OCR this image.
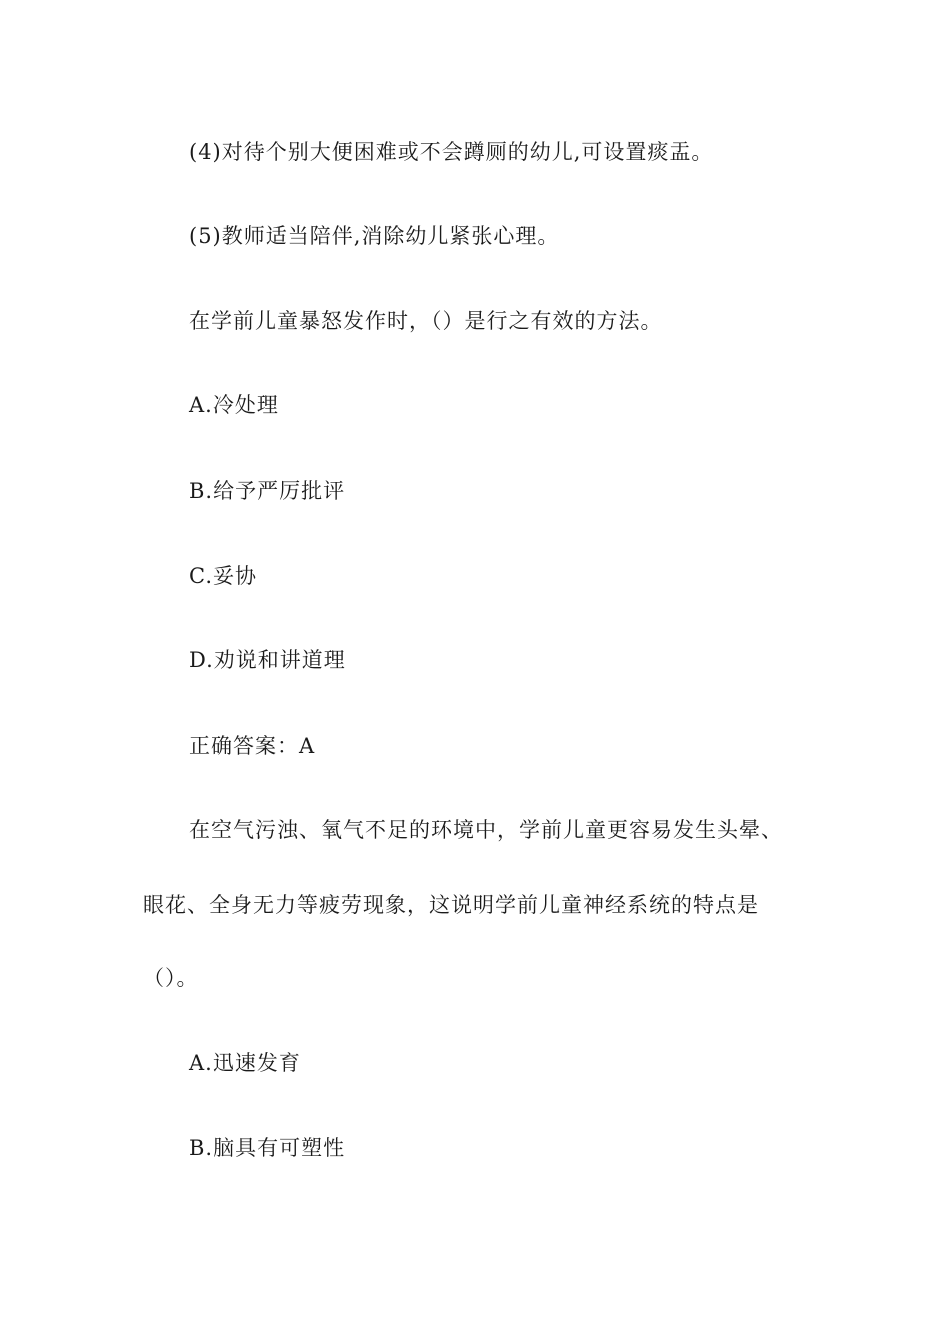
(4)对待个别大便困难或不会蹲厕的幼儿,可设置痰盂。
(5)教师适当陪伴,消除幼儿紧张心理。
在学前儿童暴怒发作时，（）是行之有效的方法。
A.冷处理
B.给予严厉批评
C.妥协
D.劝说和讲道理
正确答案：A
在空气污浊、氧气不足的环境中，学前儿童更容易发生头晕、
眼花、全身无力等疲劳现象，这说明学前儿童神经系统的特点是
（）。
A.迅速发育
B.脑具有可塑性
